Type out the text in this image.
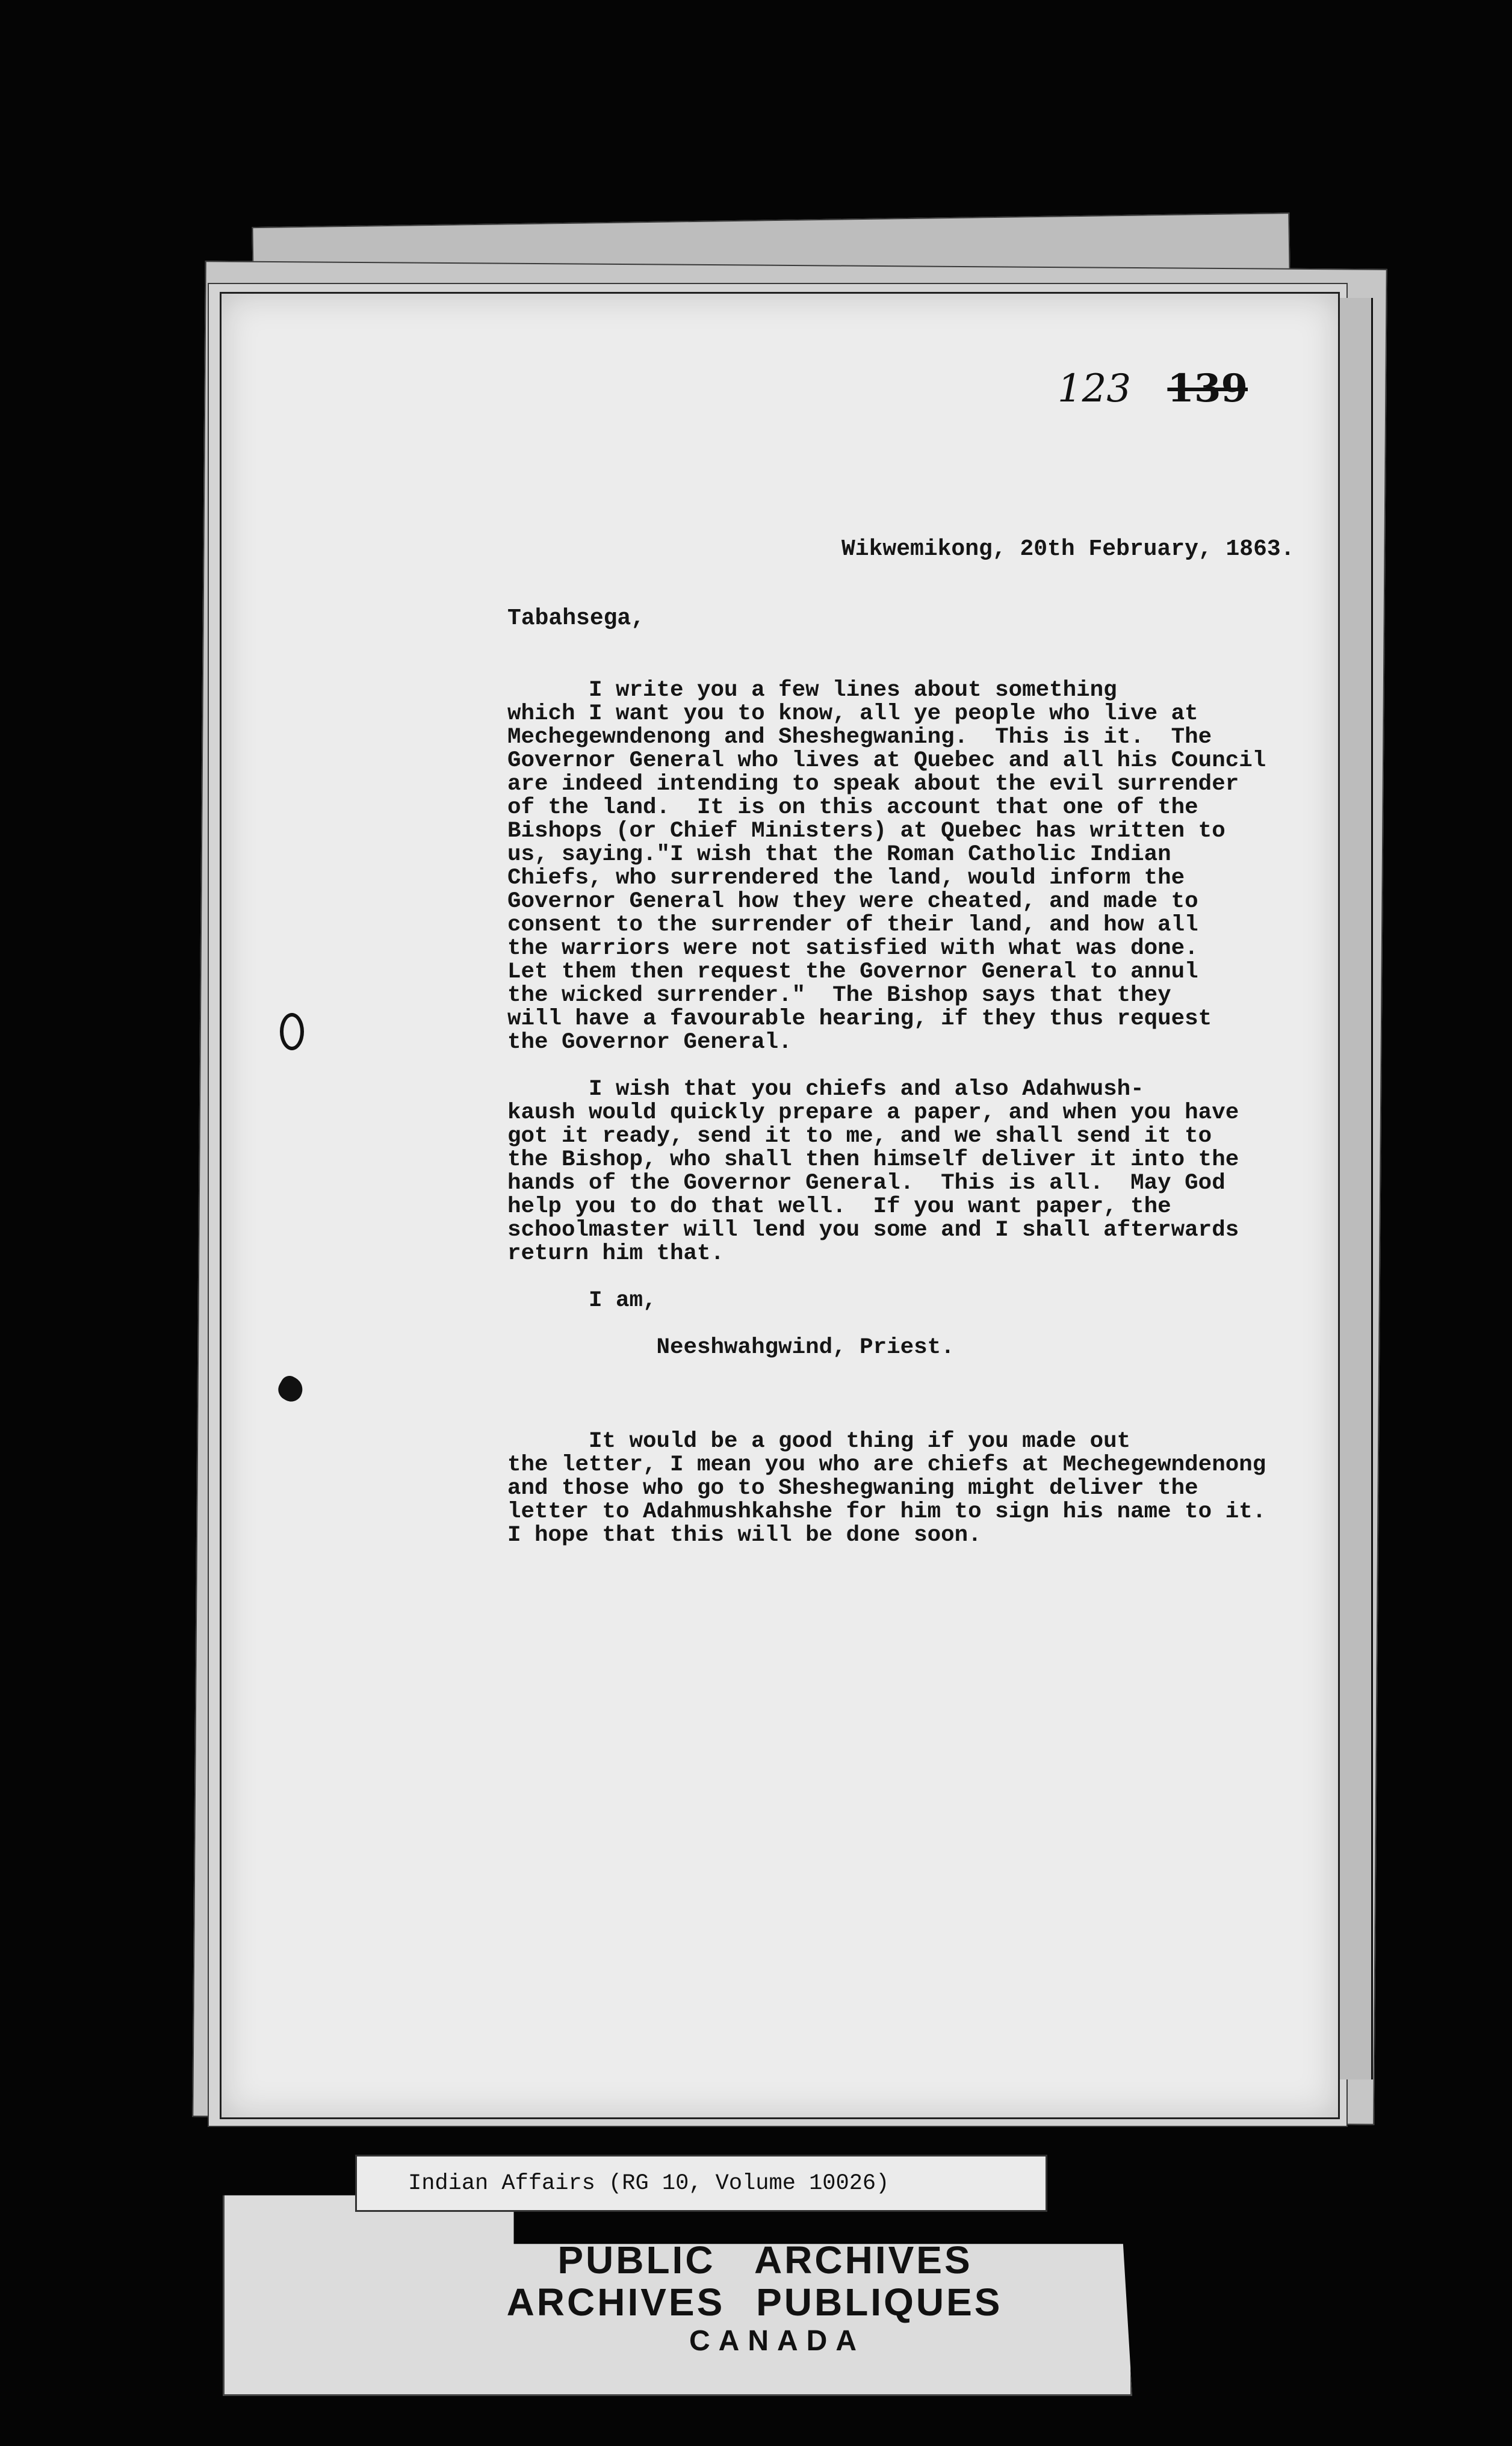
123 139
Wikwemikong, 20th February, 1863.
Tabahsega,
I write you a few lines about something
which I want you to know, all ye people who live at
Mechegewndenong and Sheshegwaning.  This is it.  The
Governor General who lives at Quebec and all his Council
are indeed intending to speak about the evil surrender
of the land.  It is on this account that one of the
Bishops (or Chief Ministers) at Quebec has written to
us, saying."I wish that the Roman Catholic Indian
Chiefs, who surrendered the land, would inform the
Governor General how they were cheated, and made to
consent to the surrender of their land, and how all
the warriors were not satisfied with what was done.
Let them then request the Governor General to annul
the wicked surrender."  The Bishop says that they
will have a favourable hearing, if they thus request
the Governor General.

I wish that you chiefs and also Adahwush-
kaush would quickly prepare a paper, and when you have
got it ready, send it to me, and we shall send it to
the Bishop, who shall then himself deliver it into the
hands of the Governor General.  This is all.  May God
help you to do that well.  If you want paper, the
schoolmaster will lend you some and I shall afterwards
return him that.

I am,

Neeshwahgwind, Priest.

It would be a good thing if you made out
the letter, I mean you who are chiefs at Mechegewndenong
and those who go to Sheshegwaning might deliver the
letter to Adahmushkahshe for him to sign his name to it.
I hope that this will be done soon.
Indian Affairs (RG 10, Volume 10026)
PUBLIC ARCHIVES
ARCHIVES PUBLIQUES
CANADA
